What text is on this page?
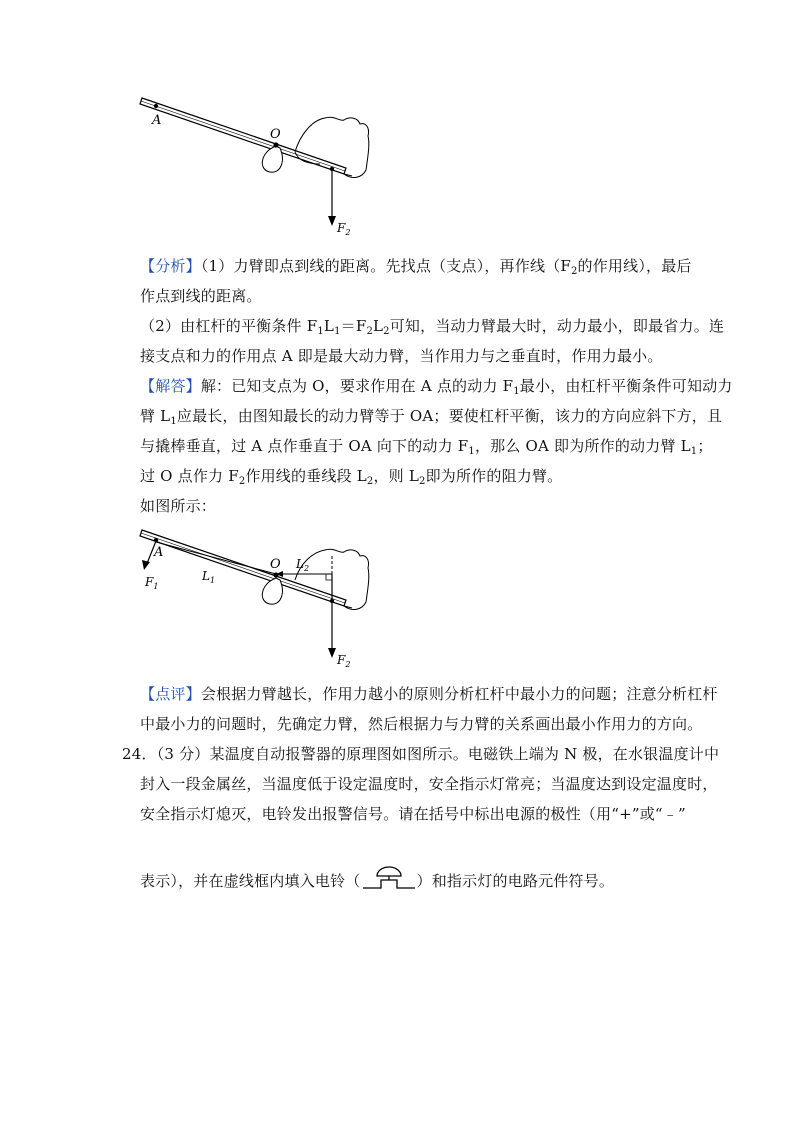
A
O
$F_2$
【分析】（1）力臂即点到线的距离。先找点（支点），再作线（$F_2$的作用线），最后
作点到线的距离。
（2）由杠杆的平衡条件 $F_1L_1=F_2L_2$可知，当动力臂最大时，动力最小，即最省力。连
接支点和力的作用点 A 即是最大动力臂，当作用力与之垂直时，作用力最小。
【解答】解：已知支点为 O，要求作用在 A 点的动力 $F_1$最小，由杠杆平衡条件可知动力
臂 $L_1$应最长，由图知最长的动力臂等于 OA；要使杠杆平衡，该力的方向应斜下方，且
与撬棒垂直，过 A 点作垂直于 OA 向下的动力 $F_1$，那么 OA 即为所作的动力臂 $L_1$；
过 O 点作力 $F_2$作用线的垂线段 $L_2$，则 $L_2$即为所作的阻力臂。
如图所示：
A
$F_1$
$L_1$
O $L_2$
$F_2$
【点评】会根据力臂越长，作用力越小的原则分析杠杆中最小力的问题；注意分析杠杆
中最小力的问题时，先确定力臂，然后根据力与力臂的关系画出最小作用力的方向。
24．（3 分）某温度自动报警器的原理图如图所示。电磁铁上端为 N 极，在水银温度计中
封入一段金属丝，当温度低于设定温度时，安全指示灯常亮；当温度达到设定温度时，
安全指示灯熄灭，电铃发出报警信号。请在括号中标出电源的极性（用“+”或“﹣”
表示），并在虚线框内填入电铃（	）和指示灯的电路元件符号。
